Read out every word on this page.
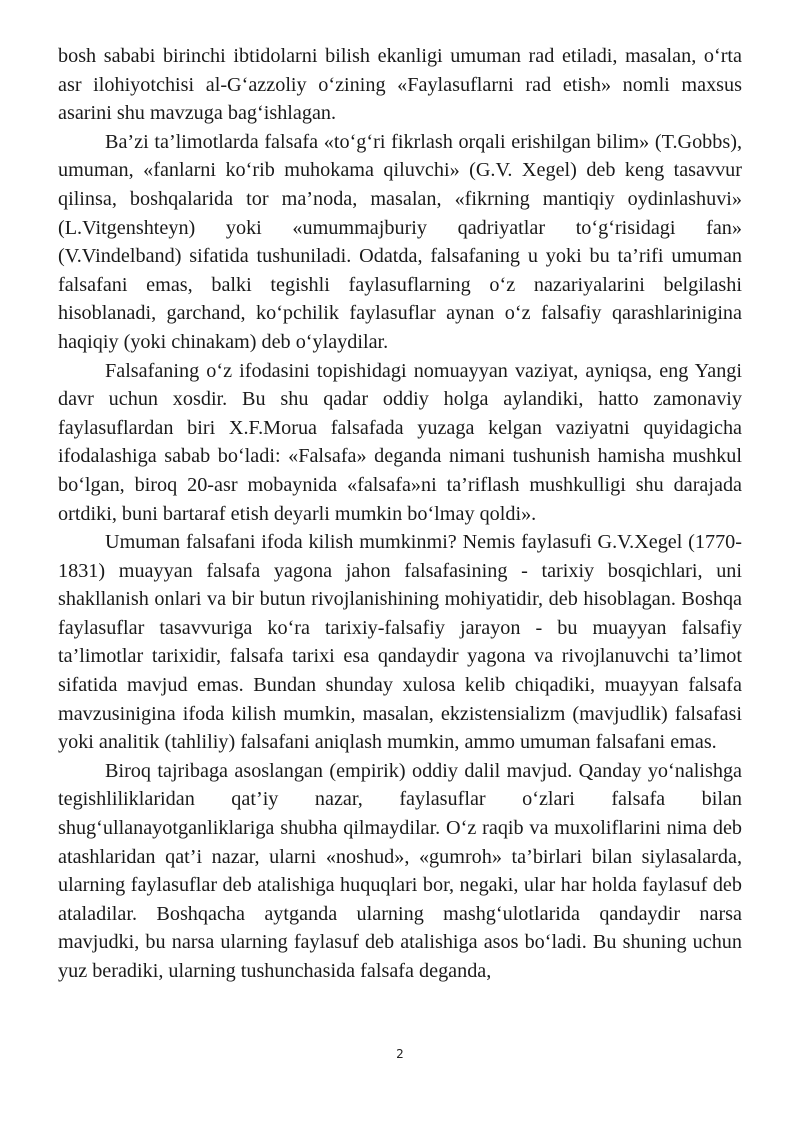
bosh sababi birinchi ibtidolarni bilish ekanligi umuman rad etiladi, masalan, o‘rta asr ilohiyotchisi al-G‘azzoliy o‘zining «Faylasuflarni rad etish» nomli maxsus asarini shu mavzuga bag‘ishlagan.

Ba’zi ta’limotlarda falsafa «to‘g‘ri fikrlash orqali erishilgan bilim» (T.Gobbs), umuman, «fanlarni ko‘rib muhokama qiluvchi» (G.V. Xegel) deb keng tasavvur qilinsa, boshqalarida tor ma’noda, masalan, «fikrning mantiqiy oydinlashuvi» (L.Vitgenshteyn) yoki «umummajburiy qadriyatlar to‘g‘risidagi fan» (V.Vindelband) sifatida tushuniladi. Odatda, falsafaning u yoki bu ta’rifi umuman falsafani emas, balki tegishli faylasuflarning o‘z nazariyalarini belgilashi hisoblanadi, garchand, ko‘pchilik faylasuflar aynan o‘z falsafiy qarashlarinigina haqiqiy (yoki chinakam) deb o‘ylaydilar.

Falsafaning o‘z ifodasini topishidagi nomuayyan vaziyat, ayniqsa, eng Yangi davr uchun xosdir. Bu shu qadar oddiy holga aylandiki, hatto zamonaviy faylasuflardan biri X.F.Morua falsafada yuzaga kelgan vaziyatni quyidagicha ifodalashiga sabab bo‘ladi: «Falsafa» deganda nimani tushunish hamisha mushkul bo‘lgan, biroq 20-asr mobaynida «falsafa»ni ta’riflash mushkulligi shu darajada ortdiki, buni bartaraf etish deyarli mumkin bo‘lmay qoldi».

Umuman falsafani ifoda kilish mumkinmi? Nemis faylasufi G.V.Xegel (1770-1831) muayyan falsafa yagona jahon falsafasining - tarixiy bosqichlari, uni shakllanish onlari va bir butun rivojlanishining mohiyatidir, deb hisoblagan. Boshqa faylasuflar tasavvuriga ko‘ra tarixiy-falsafiy jarayon - bu muayyan falsafiy ta’limotlar tarixidir, falsafa tarixi esa qandaydir yagona va rivojlanuvchi ta’limot sifatida mavjud emas. Bundan shunday xulosa kelib chiqadiki, muayyan falsafa mavzusinigina ifoda kilish mumkin, masalan, ekzistensializm (mavjudlik) falsafasi yoki analitik (tahliliy) falsafani aniqlash mumkin, ammo umuman falsafani emas.

Biroq tajribaga asoslangan (empirik) oddiy dalil mavjud. Qanday yo‘nalishga tegishliliklaridan qat’iy nazar, faylasuflar o‘zlari falsafa bilan shug‘ullanayotganliklariga shubha qilmaydilar. O‘z raqib va muxoliflarini nima deb atashlaridan qat’i nazar, ularni «noshud», «gumroh» ta’birlari bilan siylasalarda, ularning faylasuflar deb atalishiga huquqlari bor, negaki, ular har holda faylasuf deb ataladilar. Boshqacha aytganda ularning mashg‘ulotlarida qandaydir narsa mavjudki, bu narsa ularning faylasuf deb atalishiga asos bo‘ladi. Bu shuning uchun yuz beradiki, ularning tushunchasida falsafa deganda,

2
